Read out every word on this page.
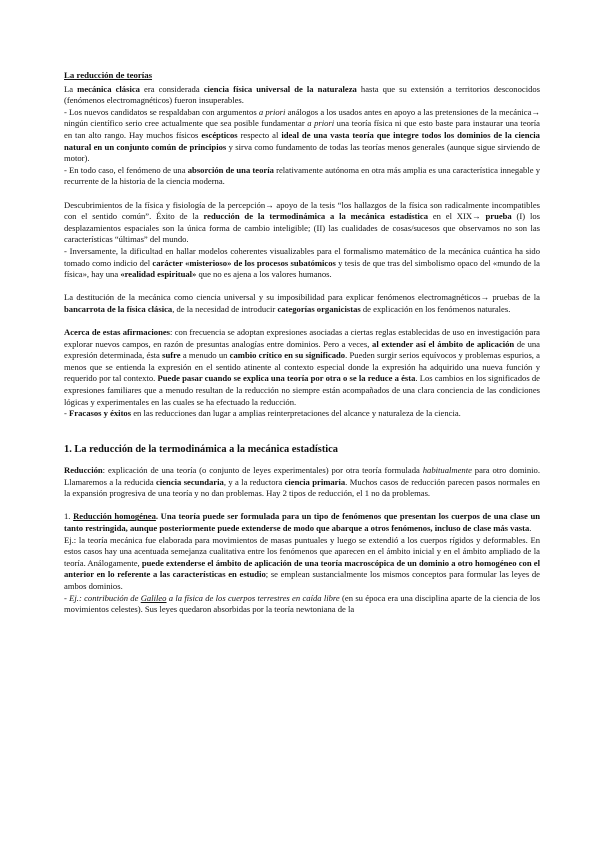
La reducción de teorías

La mecánica clásica era considerada ciencia física universal de la naturaleza hasta que su extensión a territorios desconocidos (fenómenos electromagnéticos) fueron insuperables.

- Los nuevos candidatos se respaldaban con argumentos a priori análogos a los usados antes en apoyo a las pretensiones de la mecánica→ ningún científico serio cree actualmente que sea posible fundamentar a priori una teoría física ni que esto baste para instaurar una teoría en tan alto rango. Hay muchos físicos escépticos respecto al ideal de una vasta teoría que integre todos los dominios de la ciencia natural en un conjunto común de principios y sirva como fundamento de todas las teorías menos generales (aunque sigue sirviendo de motor).

- En todo caso, el fenómeno de una absorción de una teoría relativamente autónoma en otra más amplia es una característica innegable y recurrente de la historia de la ciencia moderna.

Descubrimientos de la física y fisiología de la percepción→ apoyo de la tesis “los hallazgos de la física son radicalmente incompatibles con el sentido común”. Éxito de la reducción de la termodinámica a la mecánica estadística en el XIX→ prueba (I) los desplazamientos espaciales son la única forma de cambio inteligible; (II) las cualidades de cosas/sucesos que observamos no son las características “últimas” del mundo.

- Inversamente, la dificultad en hallar modelos coherentes visualizables para el formalismo matemático de la mecánica cuántica ha sido tomado como indicio del carácter «misterioso» de los procesos subatómicos y tesis de que tras del simbolismo opaco del «mundo de la física», hay una «realidad espiritual» que no es ajena a los valores humanos.

La destitución de la mecánica como ciencia universal y su imposibilidad para explicar fenómenos electromagnéticos→ pruebas de la bancarrota de la física clásica, de la necesidad de introducir categorías organicistas de explicación en los fenómenos naturales.

Acerca de estas afirmaciones: con frecuencia se adoptan expresiones asociadas a ciertas reglas establecidas de uso en investigación para explorar nuevos campos, en razón de presuntas analogías entre dominios. Pero a veces, al extender así el ámbito de aplicación de una expresión determinada, ésta sufre a menudo un cambio crítico en su significado. Pueden surgir serios equívocos y problemas espurios, a menos que se entienda la expresión en el sentido atinente al contexto especial donde la expresión ha adquirido una nueva función y requerido por tal contexto. Puede pasar cuando se explica una teoría por otra o se la reduce a ésta. Los cambios en los significados de expresiones familiares que a menudo resultan de la reducción no siempre están acompañados de una clara conciencia de las condiciones lógicas y experimentales en las cuales se ha efectuado la reducción.

- Fracasos y éxitos en las reducciones dan lugar a amplias reinterpretaciones del alcance y naturaleza de la ciencia.

1. La reducción de la termodinámica a la mecánica estadística

Reducción: explicación de una teoría (o conjunto de leyes experimentales) por otra teoría formulada habitualmente para otro dominio. Llamaremos a la reducida ciencia secundaria, y a la reductora ciencia primaria. Muchos casos de reducción parecen pasos normales en la expansión progresiva de una teoría y no dan problemas. Hay 2 tipos de reducción, el 1 no da problemas.

1. Reducción homogénea. Una teoría puede ser formulada para un tipo de fenómenos que presentan los cuerpos de una clase un tanto restringida, aunque posteriormente puede extenderse de modo que abarque a otros fenómenos, incluso de clase más vasta.

Ej.: la teoría mecánica fue elaborada para movimientos de masas puntuales y luego se extendió a los cuerpos rígidos y deformables. En estos casos hay una acentuada semejanza cualitativa entre los fenómenos que aparecen en el ámbito inicial y en el ámbito ampliado de la teoría. Análogamente, puede extenderse el ámbito de aplicación de una teoría macroscópica de un dominio a otro homogéneo con el anterior en lo referente a las características en estudio; se emplean sustancialmente los mismos conceptos para formular las leyes de ambos dominios.

- Ej.: contribución de Galileo a la física de los cuerpos terrestres en caída libre (en su época era una disciplina aparte de la ciencia de los movimientos celestes). Sus leyes quedaron absorbidas por la teoría newtoniana de la
